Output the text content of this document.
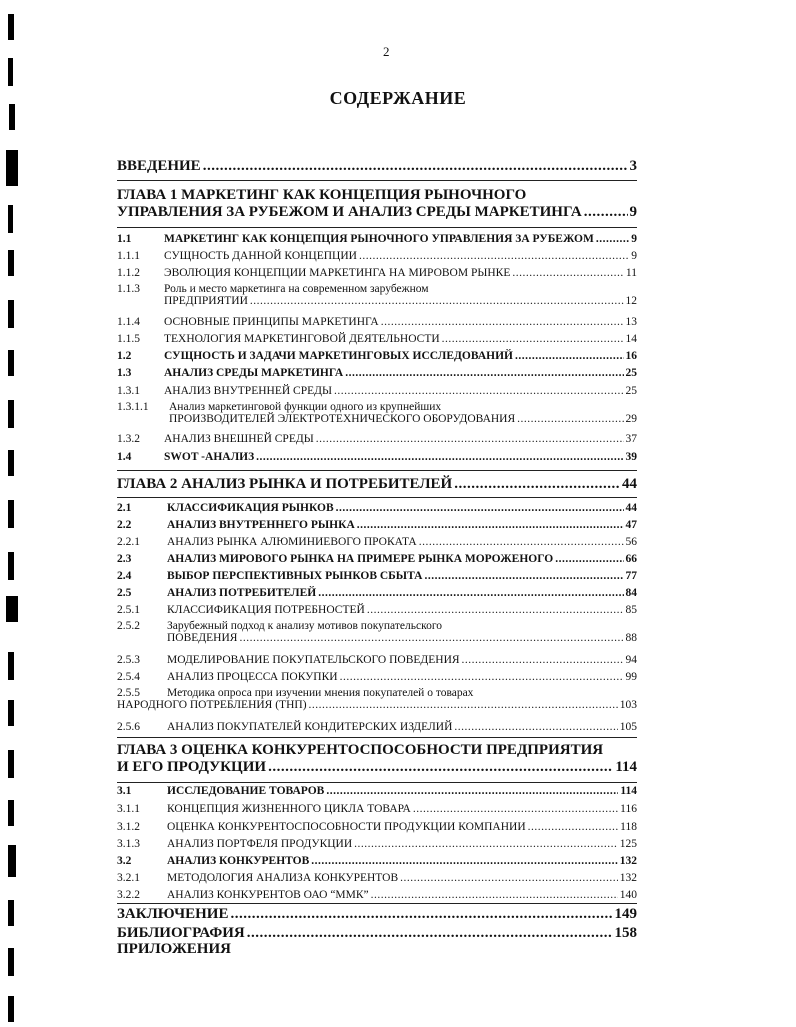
2
СОДЕРЖАНИЕ
ВВЕДЕНИЕ .....	3
ГЛАВА 1 МАРКЕТИНГ КАК КОНЦЕПЦИЯ РЫНОЧНОГО
УПРАВЛЕНИЯ ЗА РУБЕЖОМ И АНАЛИЗ СРЕДЫ МАРКЕТИНГА .....	9
1.1	МАРКЕТИНГ КАК КОНЦЕПЦИЯ РЫНОЧНОГО УПРАВЛЕНИЯ ЗА РУБЕЖОМ .....	9
1.1.1 СУЩНОСТЬ ДАННОЙ КОНЦЕПЦИИ .....	9
1.1.2 ЭВОЛЮЦИЯ КОНЦЕПЦИИ МАРКЕТИНГА НА МИРОВОМ РЫНКЕ .....	11
1.1.3 Роль и место маркетинга на современном зарубежном
ПРЕДПРИЯТИИ .....	12
1.1.4 ОСНОВНЫЕ ПРИНЦИПЫ МАРКЕТИНГА .....	13
1.1.5 ТЕХНОЛОГИЯ МАРКЕТИНГОВОЙ ДЕЯТЕЛЬНОСТИ .....	14
1.2	СУЩНОСТЬ И ЗАДАЧИ МАРКЕТИНГОВЫХ ИССЛЕДОВАНИЙ .....	16
1.3	АНАЛИЗ СРЕДЫ МАРКЕТИНГА .....	25
1.3.1 АНАЛИЗ ВНУТРЕННЕЙ СРЕДЫ .....	25
1.3.1.1 Анализ маркетинговой функции одного из крупнейших
ПРОИЗВОДИТЕЛЕЙ ЭЛЕКТРОТЕХНИЧЕСКОГО ОБОРУДОВАНИЯ .....	29
1.3.2 АНАЛИЗ ВНЕШНЕЙ СРЕДЫ .....	37
1.4	SWOT -АНАЛИЗ .....	39
ГЛАВА 2 АНАЛИЗ РЫНКА И ПОТРЕБИТЕЛЕЙ .....	44
2.1	КЛАССИФИКАЦИЯ РЫНКОВ .....	44
2.2	АНАЛИЗ ВНУТРЕННЕГО РЫНКА .....	47
2.2.1 АНАЛИЗ РЫНКА АЛЮМИНИЕВОГО ПРОКАТА .....	56
2.3	АНАЛИЗ МИРОВОГО РЫНКА НА ПРИМЕРЕ РЫНКА МОРОЖЕНОГО .....	66
2.4	ВЫБОР ПЕРСПЕКТИВНЫХ РЫНКОВ СБЫТА .....	77
2.5	АНАЛИЗ ПОТРЕБИТЕЛЕЙ .....	84
2.5.1 КЛАССИФИКАЦИЯ ПОТРЕБНОСТЕЙ .....	85
2.5.2 Зарубежный подход к анализу мотивов покупательского
ПОВЕДЕНИЯ .....	88
2.5.3 МОДЕЛИРОВАНИЕ ПОКУПАТЕЛЬСКОГО ПОВЕДЕНИЯ .....	94
2.5.4 АНАЛИЗ ПРОЦЕССА ПОКУПКИ .....	99
2.5.5 Методика опроса при изучении мнения покупателей о товарах
НАРОДНОГО ПОТРЕБЛЕНИЯ (ТНП) .....	103
2.5.6 АНАЛИЗ ПОКУПАТЕЛЕЙ КОНДИТЕРСКИХ ИЗДЕЛИЙ .....	105
ГЛАВА 3 ОЦЕНКА КОНКУРЕНТОСПОСОБНОСТИ ПРЕДПРИЯТИЯ
И ЕГО ПРОДУКЦИИ .....	114
3.1	ИССЛЕДОВАНИЕ ТОВАРОВ .....	114
3.1.1 КОНЦЕПЦИЯ ЖИЗНЕННОГО ЦИКЛА ТОВАРА .....	116
3.1.2 ОЦЕНКА КОНКУРЕНТОСПОСОБНОСТИ ПРОДУКЦИИ КОМПАНИИ .....	118
3.1.3 АНАЛИЗ ПОРТФЕЛЯ ПРОДУКЦИИ .....	125
3.2	АНАЛИЗ КОНКУРЕНТОВ .....	132
3.2.1 МЕТОДОЛОГИЯ АНАЛИЗА КОНКУРЕНТОВ .....	132
3.2.2 АНАЛИЗ КОНКУРЕНТОВ ОАО “ММК” .....	140
ЗАКЛЮЧЕНИЕ .....	149
БИБЛИОГРАФИЯ .....	158
ПРИЛОЖЕНИЯ
